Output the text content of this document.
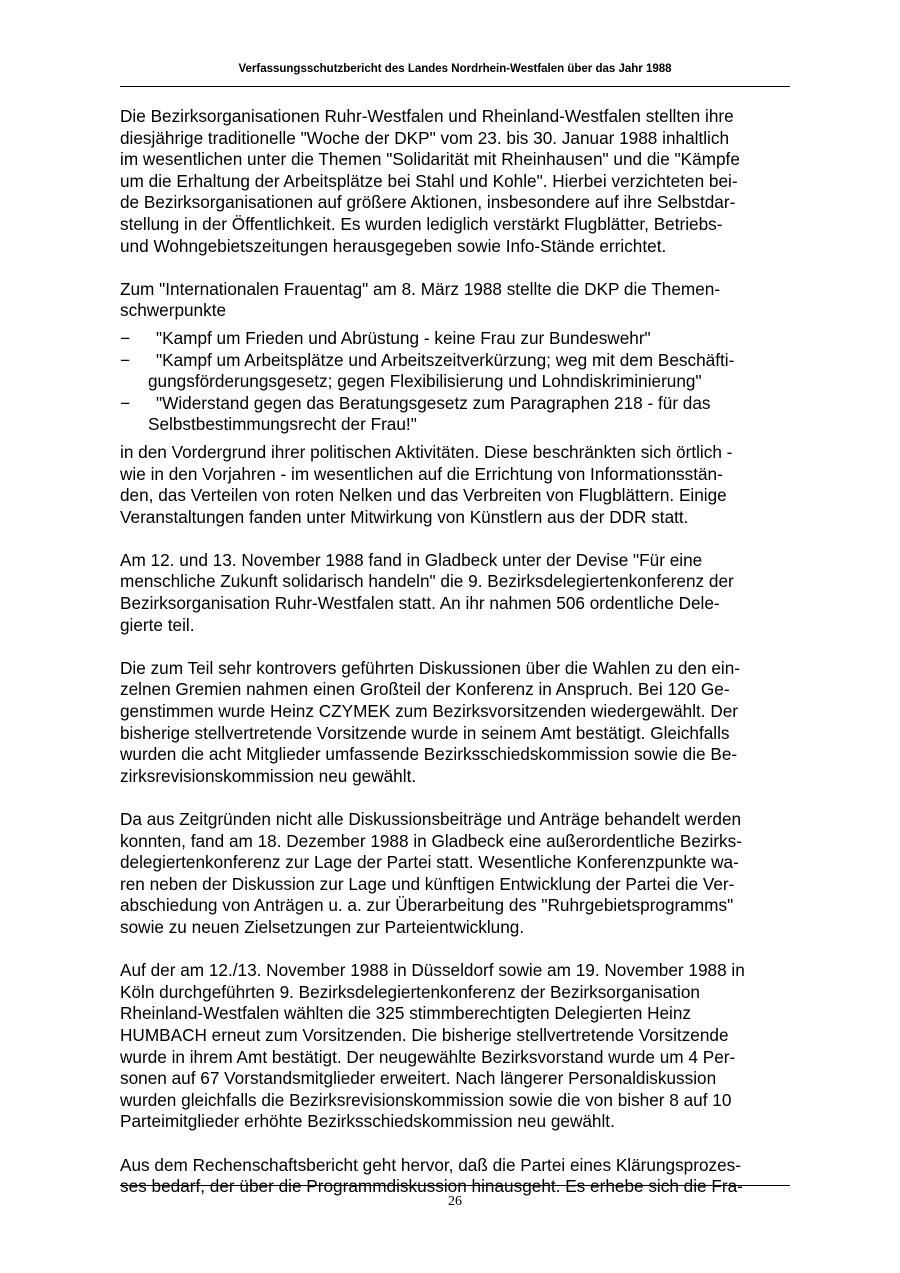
Verfassungsschutzbericht des Landes Nordrhein-Westfalen über das Jahr 1988

Die Bezirksorganisationen Ruhr-Westfalen und Rheinland-Westfalen stellten ihre
diesjährige traditionelle "Woche der DKP" vom 23. bis 30. Januar 1988 inhaltlich
im wesentlichen unter die Themen "Solidarität mit Rheinhausen" und die "Kämpfe
um die Erhaltung der Arbeitsplätze bei Stahl und Kohle". Hierbei verzichteten bei-
de Bezirksorganisationen auf größere Aktionen, insbesondere auf ihre Selbstdar-
stellung in der Öffentlichkeit. Es wurden lediglich verstärkt Flugblätter, Betriebs-
und Wohngebietszeitungen herausgegeben sowie Info-Stände errichtet.

Zum "Internationalen Frauentag" am 8. März 1988 stellte die DKP die Themen-
schwerpunkte

− "Kampf um Frieden und Abrüstung - keine Frau zur Bundeswehr"
− "Kampf um Arbeitsplätze und Arbeitszeitverkürzung; weg mit dem Beschäfti-
gungsförderungsgesetz; gegen Flexibilisierung und Lohndiskriminierung"
− "Widerstand gegen das Beratungsgesetz zum Paragraphen 218 - für das
Selbstbestimmungsrecht der Frau!"

in den Vordergrund ihrer politischen Aktivitäten. Diese beschränkten sich örtlich -
wie in den Vorjahren - im wesentlichen auf die Errichtung von Informationsstän-
den, das Verteilen von roten Nelken und das Verbreiten von Flugblättern. Einige
Veranstaltungen fanden unter Mitwirkung von Künstlern aus der DDR statt.

Am 12. und 13. November 1988 fand in Gladbeck unter der Devise "Für eine
menschliche Zukunft solidarisch handeln" die 9. Bezirksdelegiertenkonferenz der
Bezirksorganisation Ruhr-Westfalen statt. An ihr nahmen 506 ordentliche Dele-
gierte teil.

Die zum Teil sehr kontrovers geführten Diskussionen über die Wahlen zu den ein-
zelnen Gremien nahmen einen Großteil der Konferenz in Anspruch. Bei 120 Ge-
genstimmen wurde Heinz CZYMEK zum Bezirksvorsitzenden wiedergewählt. Der
bisherige stellvertretende Vorsitzende wurde in seinem Amt bestätigt. Gleichfalls
wurden die acht Mitglieder umfassende Bezirksschiedskommission sowie die Be-
zirksrevisionskommission neu gewählt.

Da aus Zeitgründen nicht alle Diskussionsbeiträge und Anträge behandelt werden
konnten, fand am 18. Dezember 1988 in Gladbeck eine außerordentliche Bezirks-
delegiertenkonferenz zur Lage der Partei statt. Wesentliche Konferenzpunkte wa-
ren neben der Diskussion zur Lage und künftigen Entwicklung der Partei die Ver-
abschiedung von Anträgen u. a. zur Überarbeitung des "Ruhrgebietsprogramms"
sowie zu neuen Zielsetzungen zur Parteientwicklung.

Auf der am 12./13. November 1988 in Düsseldorf sowie am 19. November 1988 in
Köln durchgeführten 9. Bezirksdelegiertenkonferenz der Bezirksorganisation
Rheinland-Westfalen wählten die 325 stimmberechtigten Delegierten Heinz
HUMBACH erneut zum Vorsitzenden. Die bisherige stellvertretende Vorsitzende
wurde in ihrem Amt bestätigt. Der neugewählte Bezirksvorstand wurde um 4 Per-
sonen auf 67 Vorstandsmitglieder erweitert. Nach längerer Personaldiskussion
wurden gleichfalls die Bezirksrevisionskommission sowie die von bisher 8 auf 10
Parteimitglieder erhöhte Bezirksschiedskommission neu gewählt.

Aus dem Rechenschaftsbericht geht hervor, daß die Partei eines Klärungsprozes-
ses bedarf, der über die Programmdiskussion hinausgeht. Es erhebe sich die Fra-

26
